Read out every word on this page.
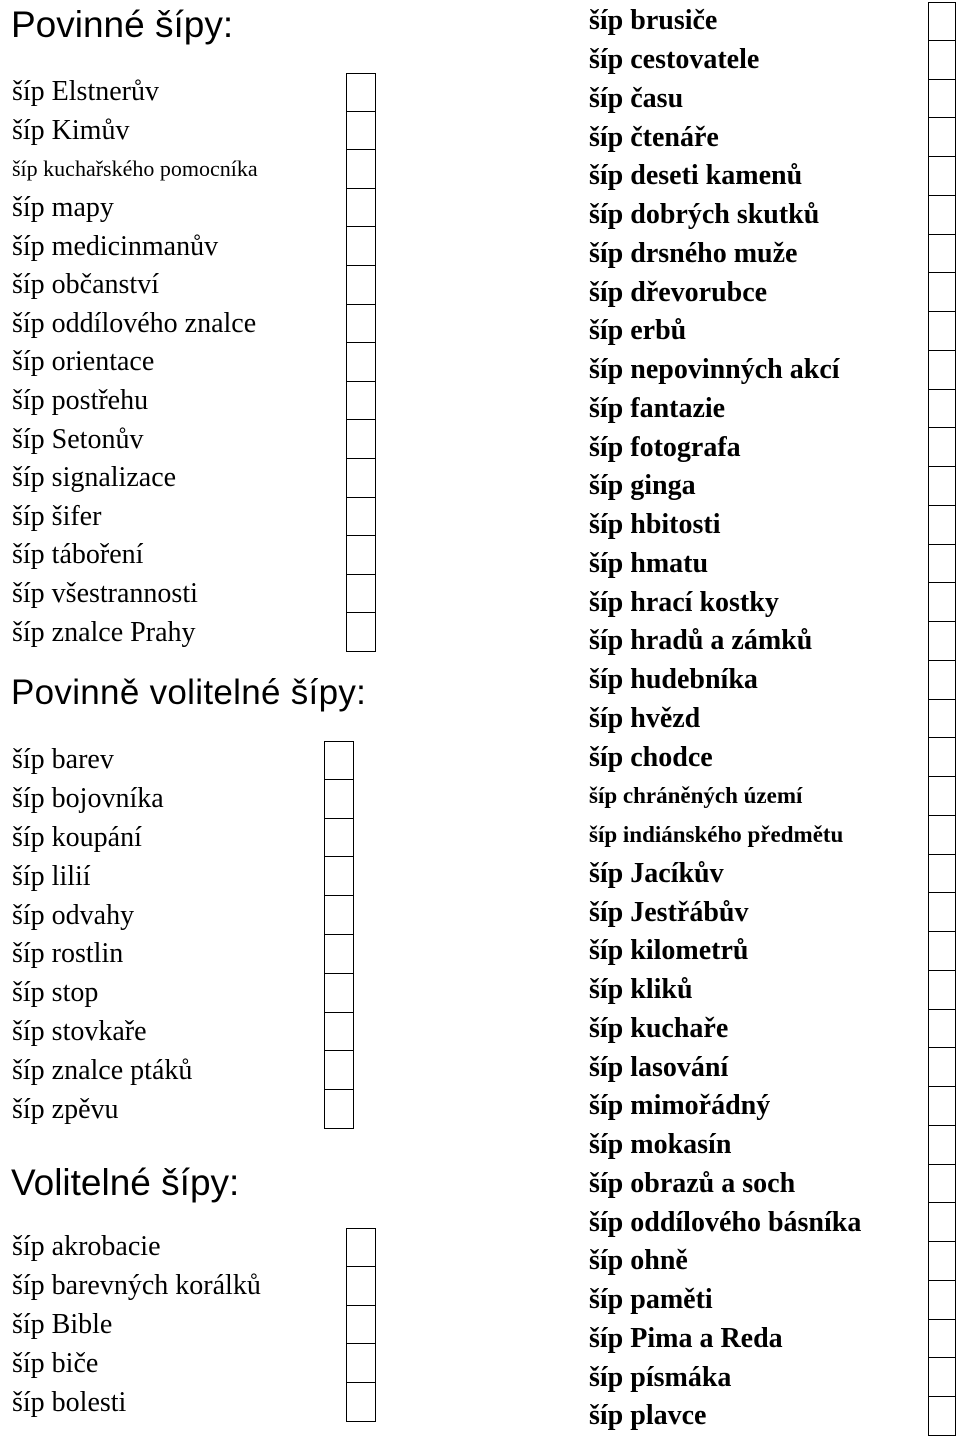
Povinné šípy:
šíp Elstnerův
šíp Kimův
šíp kuchařského pomocníka
šíp mapy
šíp medicinmanův
šíp občanství
šíp oddílového znalce
šíp orientace
šíp postřehu
šíp Setonův
šíp signalizace
šíp šifer
šíp táboření
šíp všestrannosti
šíp znalce Prahy
Povinně volitelné šípy:
šíp barev
šíp bojovníka
šíp koupání
šíp lilií
šíp odvahy
šíp rostlin
šíp stop
šíp stovkaře
šíp znalce ptáků
šíp zpěvu
Volitelné šípy:
šíp akrobacie
šíp barevných korálků
šíp Bible
šíp biče
šíp bolesti
šíp brusiče
šíp cestovatele
šíp času
šíp čtenáře
šíp deseti kamenů
šíp dobrých skutků
šíp drsného muže
šíp dřevorubce
šíp erbů
šíp nepovinných akcí
šíp fantazie
šíp fotografa
šíp ginga
šíp hbitosti
šíp hmatu
šíp hrací kostky
šíp hradů a zámků
šíp hudebníka
šíp hvězd
šíp chodce
šíp chráněných území
šíp indiánského předmětu
šíp Jacíkův
šíp Jestřábův
šíp kilometrů
šíp kliků
šíp kuchaře
šíp lasování
šíp mimořádný
šíp mokasín
šíp obrazů a soch
šíp oddílového básníka
šíp ohně
šíp paměti
šíp Pima a Reda
šíp písmáka
šíp plavce
